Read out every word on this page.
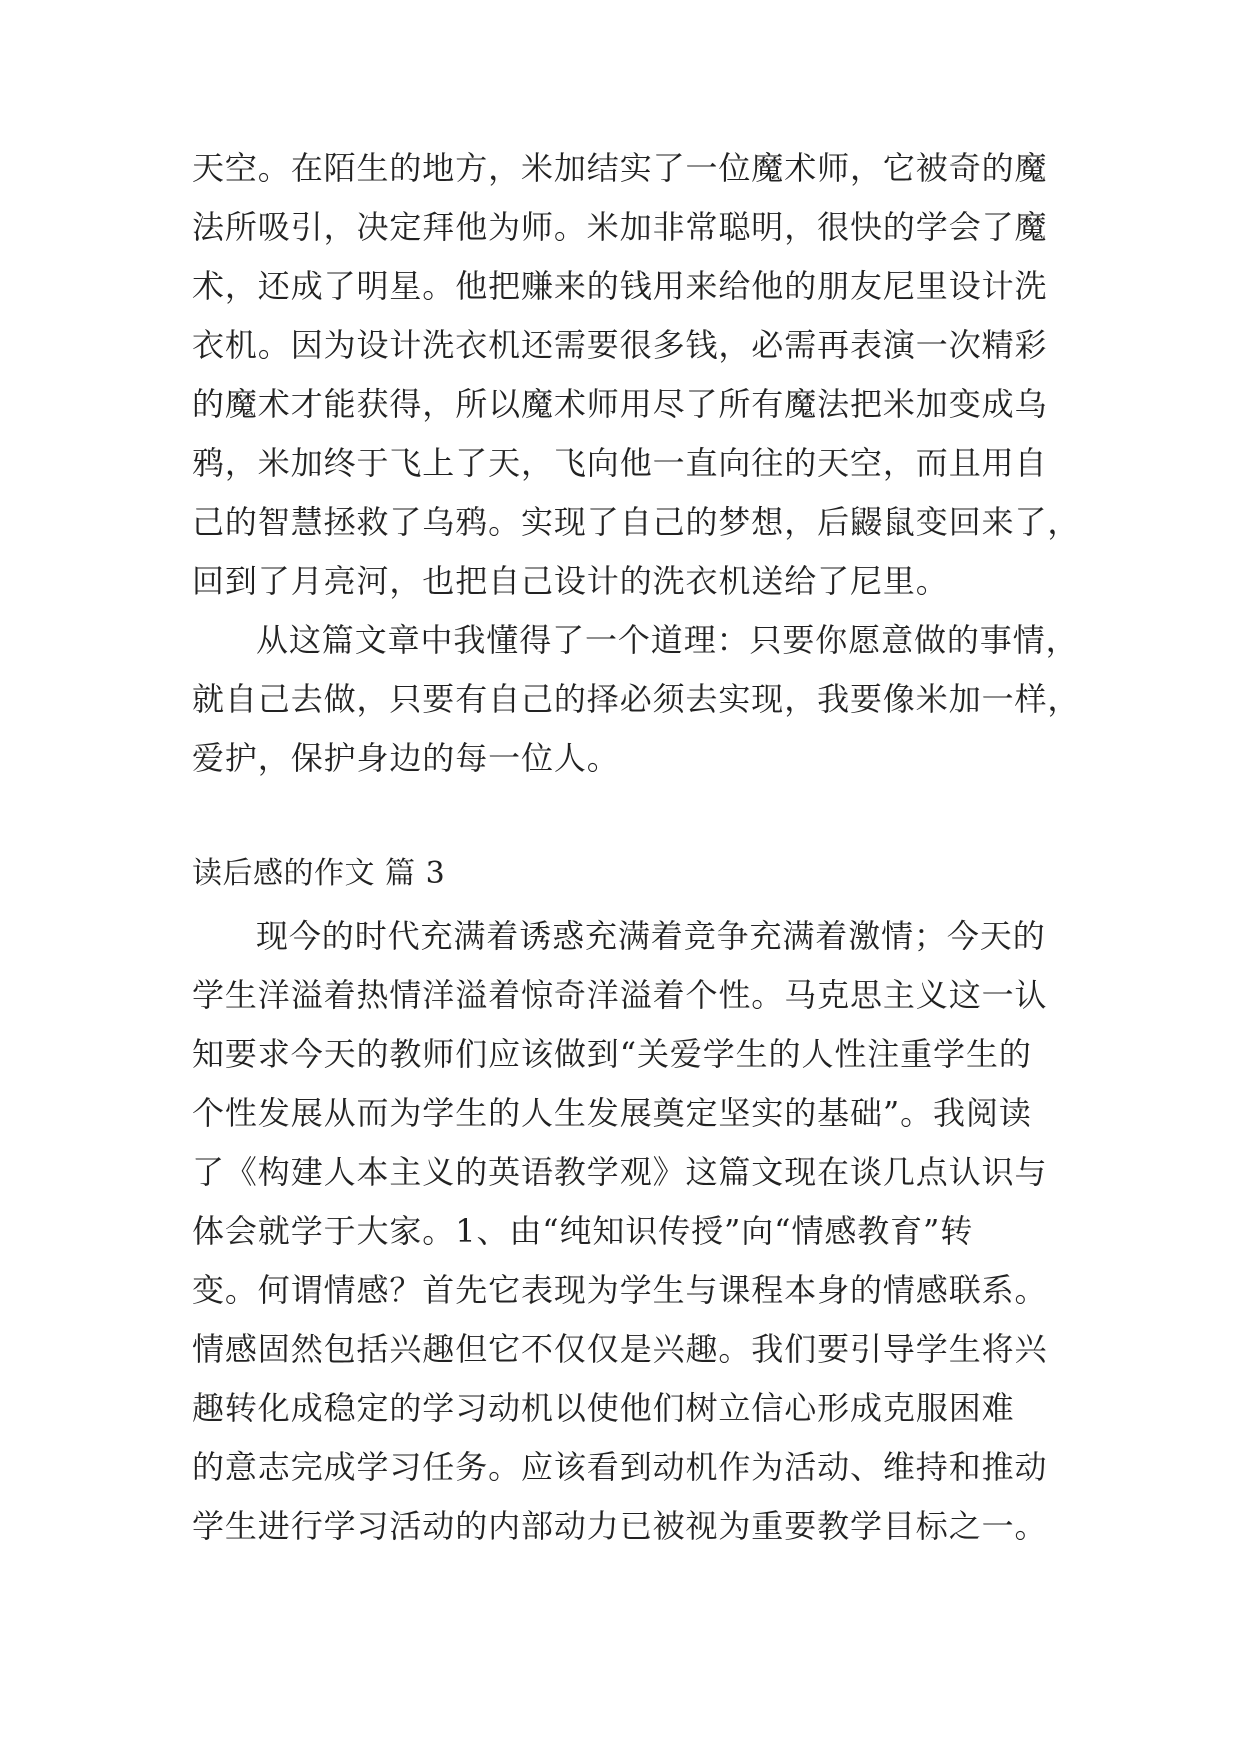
天空。在陌生的地方，米加结实了一位魔术师，它被奇的魔
法所吸引，决定拜他为师。米加非常聪明，很快的学会了魔
术，还成了明星。他把赚来的钱用来给他的朋友尼里设计洗
衣机。因为设计洗衣机还需要很多钱，必需再表演一次精彩
的魔术才能获得，所以魔术师用尽了所有魔法把米加变成乌
鸦，米加终于飞上了天，飞向他一直向往的天空，而且用自
己的智慧拯救了乌鸦。实现了自己的梦想，后鼹鼠变回来了，
回到了月亮河，也把自己设计的洗衣机送给了尼里。
从这篇文章中我懂得了一个道理：只要你愿意做的事情，
就自己去做，只要有自己的择必须去实现，我要像米加一样，
爱护，保护身边的每一位人。
读后感的作文 篇 3
现今的时代充满着诱惑充满着竞争充满着激情；今天的
学生洋溢着热情洋溢着惊奇洋溢着个性。马克思主义这一认
知要求今天的教师们应该做到“关爱学生的人性注重学生的
个性发展从而为学生的人生发展奠定坚实的基础”。我阅读
了《构建人本主义的英语教学观》这篇文现在谈几点认识与
体会就学于大家。1、由“纯知识传授”向“情感教育”转
变。何谓情感？首先它表现为学生与课程本身的情感联系。
情感固然包括兴趣但它不仅仅是兴趣。我们要引导学生将兴
趣转化成稳定的学习动机以使他们树立信心形成克服困难
的意志完成学习任务。应该看到动机作为活动、维持和推动
学生进行学习活动的内部动力已被视为重要教学目标之一。
